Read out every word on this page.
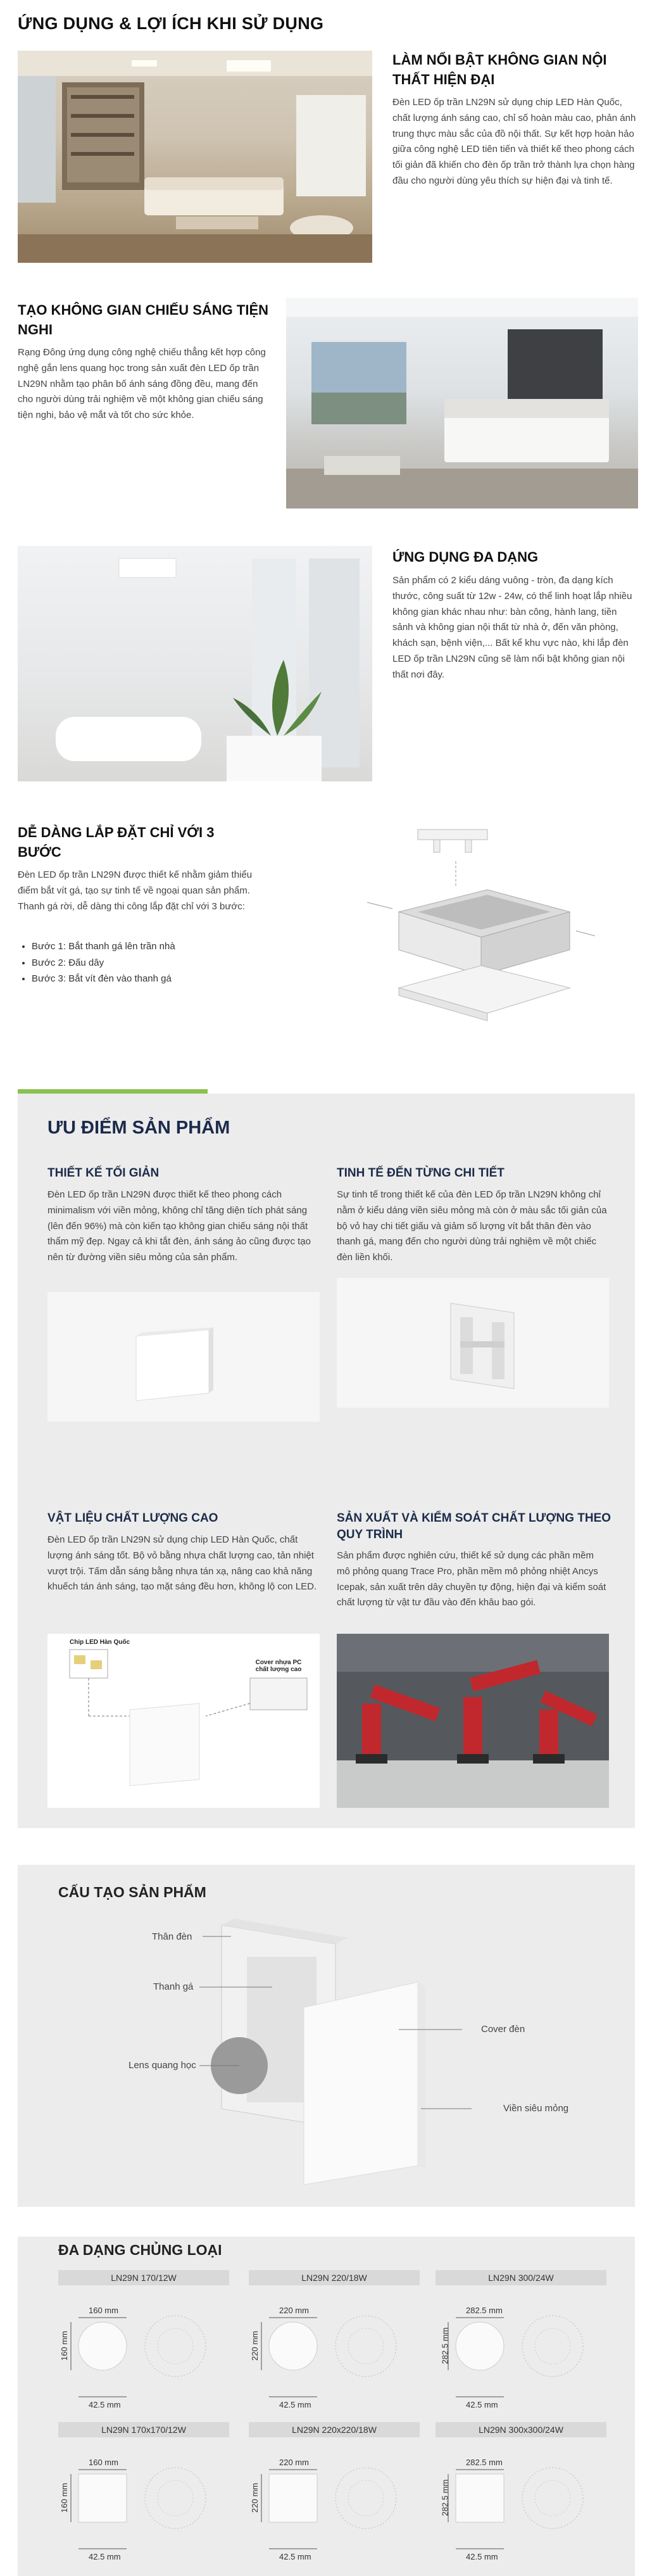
ỨNG DỤNG & LỢI ÍCH KHI SỬ DỤNG
LÀM NỔI BẬT KHÔNG GIAN NỘI THẤT HIỆN ĐẠI

Đèn LED ốp trần LN29N sử dụng chip LED Hàn Quốc, chất lượng ánh sáng cao, chỉ số hoàn màu cao, phản ánh trung thực màu sắc của đồ nội thất. Sự kết hợp hoàn hảo giữa công nghệ LED tiên tiến và thiết kế theo phong cách tối giản đã khiến cho đèn ốp trần trở thành lựa chọn hàng đầu cho người dùng yêu thích sự hiện đại và tinh tế.

TẠO KHÔNG GIAN CHIẾU SÁNG TIỆN NGHI

Rạng Đông ứng dụng công nghệ chiếu thẳng kết hợp công nghệ gắn lens quang học trong sản xuất đèn LED ốp trần LN29N nhằm tạo phân bố ánh sáng đồng đều, mang đến cho người dùng trải nghiệm về một không gian chiếu sáng tiện nghi, bảo vệ mắt và tốt cho sức khỏe.

ỨNG DỤNG ĐA DẠNG

Sản phẩm có 2 kiểu dáng vuông - tròn, đa dạng kích thước, công suất từ 12w - 24w, có thể linh hoạt lắp nhiều không gian khác nhau như: bàn công, hành lang, tiền sảnh và không gian nội thất từ nhà ở, đến văn phòng, khách sạn, bệnh viện,... Bất kể khu vực nào, khi lắp đèn LED ốp trần LN29N cũng sẽ làm nổi bật không gian nội thất nơi đây.

DỄ DÀNG LẮP ĐẶT CHỈ VỚI 3 BƯỚC

Đèn LED ốp trần LN29N được thiết kế nhằm giảm thiểu điểm bắt vít gá, tạo sự tinh tế về ngoại quan sản phẩm. Thanh gá rời, dễ dàng thi công lắp đặt chỉ với 3 bước:

• Bước 1: Bắt thanh gá lên trần nhà
• Bước 2: Đấu dây
• Bước 3: Bắt vít đèn vào thanh gá
ƯU ĐIỂM SẢN PHẨM
THIẾT KẾ TỐI GIẢN

Đèn LED ốp trần LN29N được thiết kế theo phong cách minimalism với viền mỏng, không chỉ tăng diện tích phát sáng (lên đến 96%) mà còn kiến tạo không gian chiếu sáng nội thất thẩm mỹ đẹp. Ngay cả khi tắt đèn, ánh sáng ảo cũng được tạo nên từ đường viền siêu mỏng của sản phẩm.

TINH TẾ ĐẾN TỪNG CHI TIẾT

Sự tinh tế trong thiết kế của đèn LED ốp trần LN29N không chỉ nằm ở kiểu dáng viền siêu mỏng mà còn ở màu sắc tối giản của bộ vỏ hay chi tiết giấu và giảm số lượng vít bắt thân đèn vào thanh gá, mang đến cho người dùng trải nghiệm về một chiếc đèn liền khối.

VẬT LIỆU CHẤT LƯỢNG CAO

Đèn LED ốp trần LN29N sử dụng chip LED Hàn Quốc, chất lượng ánh sáng tốt. Bộ vỏ bằng nhựa chất lượng cao, tản nhiệt vượt trội. Tấm dẫn sáng bằng nhựa tán xạ, nâng cao khả năng khuếch tán ánh sáng, tạo mặt sáng đều hơn, không lộ con LED.

Chip LED Hàn Quốc
Cover nhựa PC chất lượng cao
SẢN XUẤT VÀ KIỂM SOÁT CHẤT LƯỢNG THEO QUY TRÌNH

Sản phẩm được nghiên cứu, thiết kế sử dụng các phần mềm mô phỏng quang Trace Pro, phần mềm mô phỏng nhiệt Ancys Icepak, sản xuất trên dây chuyền tự động, hiện đại và kiểm soát chất lượng từ vật tư đầu vào đến khâu bao gói.

CẤU TẠO SẢN PHẨM
Thân đèn
Thanh gá
Lens quang học
Cover đèn
Viền siêu mỏng
ĐA DẠNG CHỦNG LOẠI
LN29N 170/12W
160 mm
160 mm
42.5 mm
LN29N 220/18W
220 mm
220 mm
42.5 mm
LN29N 300/24W
282.5 mm
282.5 mm
42.5 mm
LN29N 170x170/12W
160 mm
160 mm
42.5 mm
LN29N 220x220/18W
220 mm
220 mm
42.5 mm
LN29N 300x300/24W
282.5 mm
282.5 mm
42.5 mm
